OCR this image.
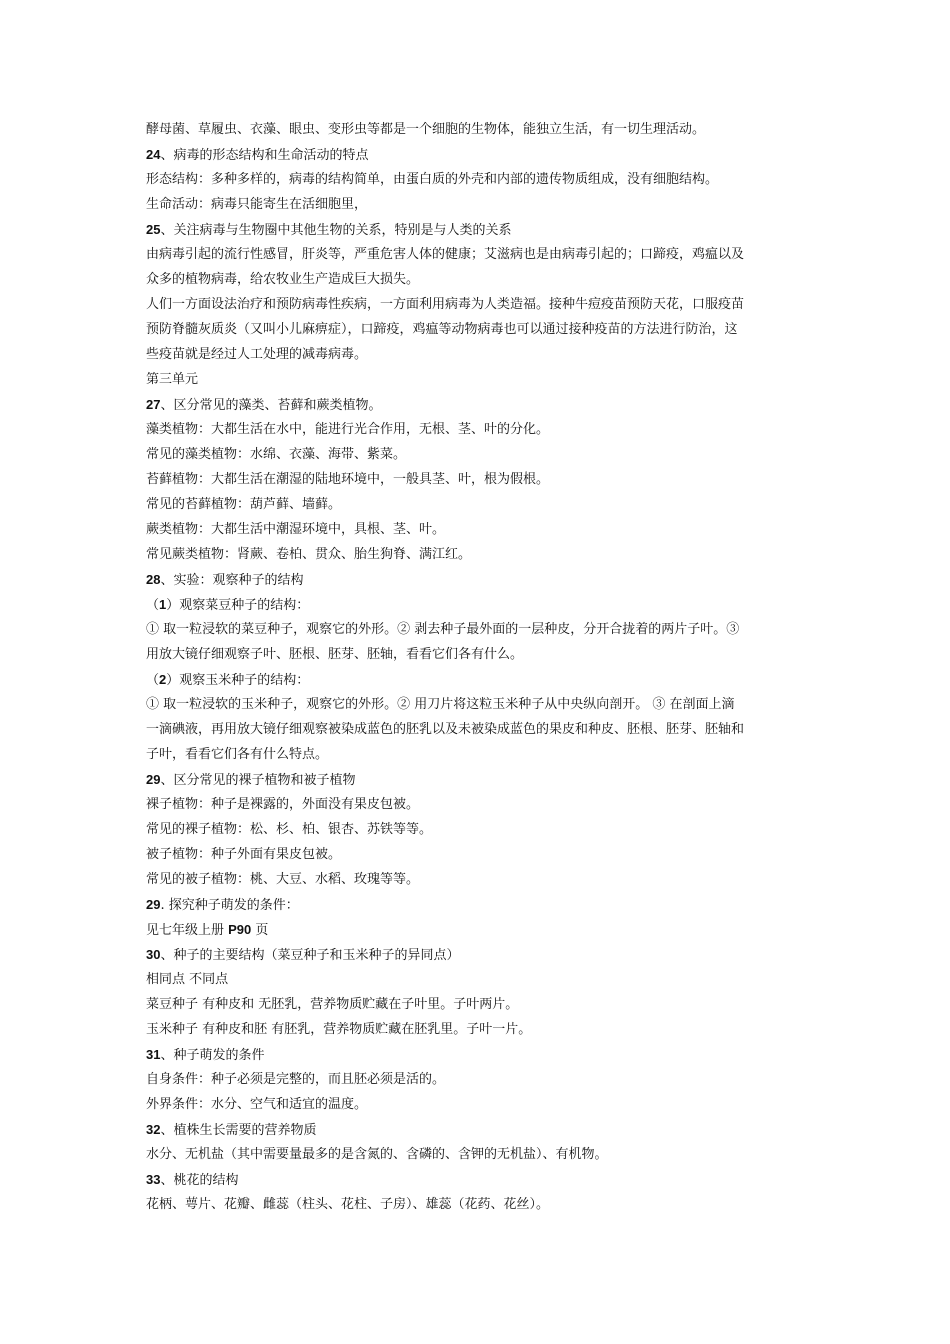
酵母菌、草履虫、衣藻、眼虫、变形虫等都是一个细胞的生物体，能独立生活，有一切生理活动。
24、病毒的形态结构和生命活动的特点
形态结构：多种多样的，病毒的结构简单，由蛋白质的外壳和内部的遗传物质组成，没有细胞结构。
生命活动：病毒只能寄生在活细胞里，
25、关注病毒与生物圈中其他生物的关系，特别是与人类的关系
由病毒引起的流行性感冒，肝炎等，严重危害人体的健康；艾滋病也是由病毒引起的；口蹄疫，鸡瘟以及
众多的植物病毒，给农牧业生产造成巨大损失。
人们一方面设法治疗和预防病毒性疾病，一方面利用病毒为人类造福。接种牛痘疫苗预防天花，口服疫苗
预防脊髓灰质炎（又叫小儿麻痹症），口蹄疫，鸡瘟等动物病毒也可以通过接种疫苗的方法进行防治，这
些疫苗就是经过人工处理的减毒病毒。
第三单元
27、区分常见的藻类、苔藓和蕨类植物。
藻类植物：大都生活在水中，能进行光合作用，无根、茎、叶的分化。
常见的藻类植物：水绵、衣藻、海带、紫菜。
苔藓植物：大都生活在潮湿的陆地环境中，一般具茎、叶，根为假根。
常见的苔藓植物：葫芦藓、墙藓。
蕨类植物：大都生活中潮湿环境中，具根、茎、叶。
常见蕨类植物：肾蕨、卷柏、贯众、胎生狗脊、满江红。
28、实验：观察种子的结构
（1）观察菜豆种子的结构：
① 取一粒浸软的菜豆种子，观察它的外形。② 剥去种子最外面的一层种皮，分开合拢着的两片子叶。③
用放大镜仔细观察子叶、胚根、胚芽、胚轴，看看它们各有什么。
（2）观察玉米种子的结构：
① 取一粒浸软的玉米种子，观察它的外形。② 用刀片将这粒玉米种子从中央纵向剖开。 ③ 在剖面上滴
一滴碘液，再用放大镜仔细观察被染成蓝色的胚乳以及未被染成蓝色的果皮和种皮、胚根、胚芽、胚轴和
子叶，看看它们各有什么特点。
29、区分常见的裸子植物和被子植物
裸子植物：种子是裸露的，外面没有果皮包被。
常见的裸子植物：松、杉、柏、银杏、苏铁等等。
被子植物：种子外面有果皮包被。
常见的被子植物：桃、大豆、水稻、玫瑰等等。
29. 探究种子萌发的条件：
见七年级上册 P90 页
30、种子的主要结构（菜豆种子和玉米种子的异同点）
相同点 不同点
菜豆种子 有种皮和 无胚乳，营养物质贮藏在子叶里。子叶两片。
玉米种子 有种皮和胚 有胚乳，营养物质贮藏在胚乳里。子叶一片。
31、种子萌发的条件
自身条件：种子必须是完整的，而且胚必须是活的。
外界条件：水分、空气和适宜的温度。
32、植株生长需要的营养物质
水分、无机盐（其中需要量最多的是含氮的、含磷的、含钾的无机盐）、有机物。
33、桃花的结构
花柄、萼片、花瓣、雌蕊（柱头、花柱、子房）、雄蕊（花药、花丝）。
